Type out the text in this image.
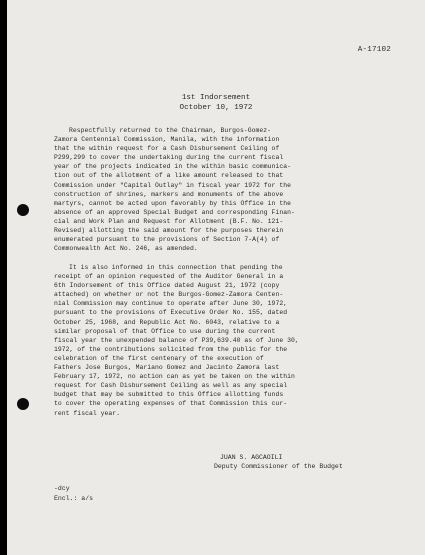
A-17102
1st Indorsement
October 10, 1972

Respectfully returned to the Chairman, Burgos-Gomez-
Zamora Centennial Commission, Manila, with the information
that the within request for a Cash Disbursement Ceiling of
P299,299 to cover the undertaking during the current fiscal
year of the projects indicated in the within basic communica-
tion out of the allotment of a like amount released to that
Commission under "Capital Outlay" in fiscal year 1972 for the
construction of shrines, markers and monuments of the above
martyrs, cannot be acted upon favorably by this Office in the
absence of an approved Special Budget and corresponding Finan-
cial and Work Plan and Request for Allotment (B.F. No. 121-
Revised) allotting the said amount for the purposes therein
enumerated pursuant to the provisions of Section 7-A(4) of
Commonwealth Act No. 246, as amended.

It is also informed in this connection that pending the
receipt of an opinion requested of the Auditor General in a
6th Indorsement of this Office dated August 21, 1972 (copy
attached) on whether or not the Burgos-Gomez-Zamora Centen-
nial Commission may continue to operate after June 30, 1972,
pursuant to the provisions of Executive Order No. 155, dated
October 25, 1968, and Republic Act No. 6043, relative to a
similar proposal of that Office to use during the current
fiscal year the unexpended balance of P39,639.40 as of June 30,
1972, of the contributions solicited from the public for the
celebration of the first centenary of the execution of
Fathers Jose Burgos, Mariano Gomez and Jacinto Zamora last
February 17, 1972, no action can as yet be taken on the within
request for Cash Disbursement Ceiling as well as any special
budget that may be submitted to this Office allotting funds
to cover the operating expenses of that Commission this cur-
rent fiscal year.

JUAN S. AGCAOILI
Deputy Commissioner of the Budget
-dcy
Encl.: a/s
